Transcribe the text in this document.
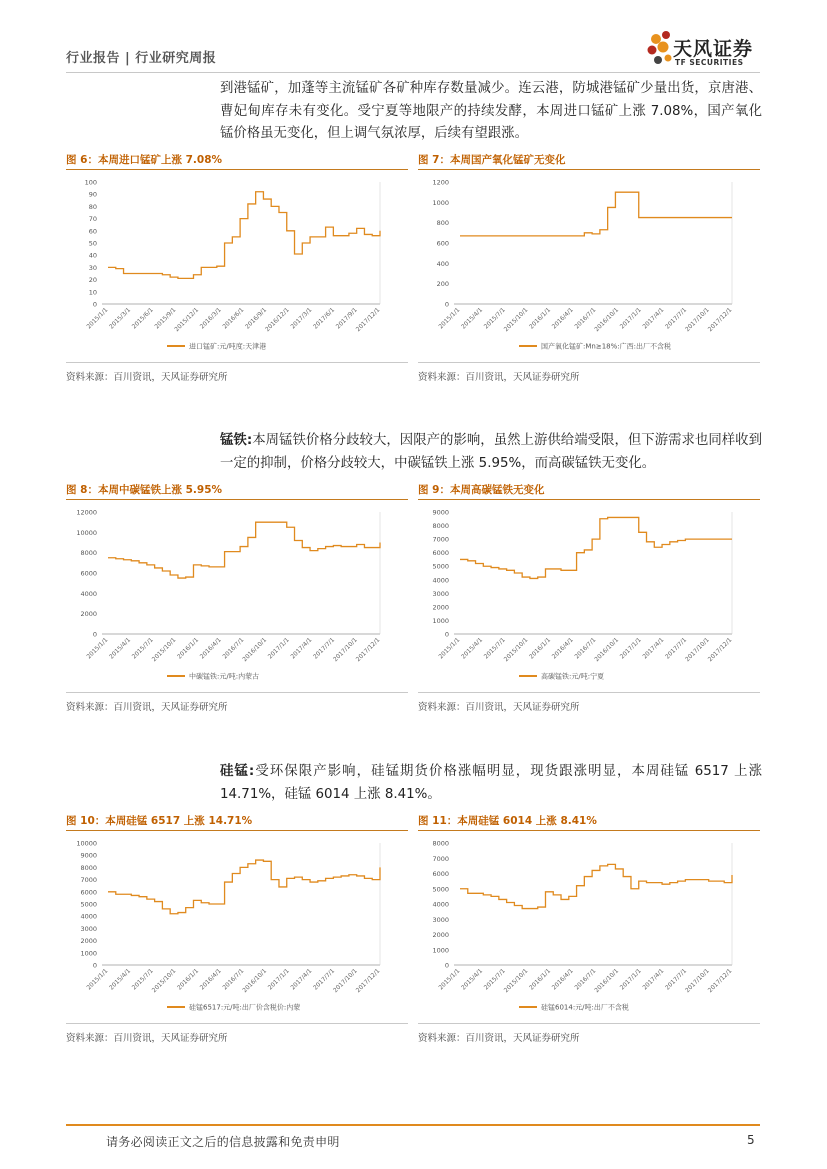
行业报告 | 行业研究周报	天风证券
TF SECURITIES
到港锰矿，加蓬等主流锰矿各矿种库存数量减少。连云港，防城港锰矿少量出货，京唐港、曹妃甸库存未有变化。受宁夏等地限产的持续发酵，本周进口锰矿上涨 7.08%，国产氧化锰价格虽无变化，但上调气氛浓厚，后续有望跟涨。
图 6：本周进口锰矿上涨 7.08%
资料来源：百川资讯，天风证券研究所
100
90
80
70
60
50
40
30
20
10
0
2015/1/1
2015/3/1
2015/6/1
2015/9/1
2015/12/1
2016/3/1
2016/6/1
2016/9/1
2016/12/1
2017/3/1
2017/6/1
2017/9/1
2017/12/1
进口锰矿:元/吨度:天津港
图 7：本周国产氧化锰矿无变化
资料来源：百川资讯，天风证券研究所
1200
1000
800
600
400
200
0
2015/1/1
2015/4/1
2015/7/1
2015/10/1
2016/1/1
2016/4/1
2016/7/1
2016/10/1
2017/1/1
2017/4/1
2017/7/1
2017/10/1
2017/12/1
国产氧化锰矿:Mn≥18%:广西:出厂不含税
图 8：本周中碳锰铁上涨 5.95%
资料来源：百川资讯，天风证券研究所
12000
10000
8000
6000
4000
2000
0
2015/1/1
2015/4/1
2015/7/1
2015/10/1
2016/1/1
2016/4/1
2016/7/1
2016/10/1
2017/1/1
2017/4/1
2017/7/1
2017/10/1
2017/12/1
中碳锰铁:元/吨:内蒙古
图 9：本周高碳锰铁无变化
资料来源：百川资讯，天风证券研究所
9000
8000
7000
6000
5000
4000
3000
2000
1000
0
2015/1/1
2015/4/1
2015/7/1
2015/10/1
2016/1/1
2016/4/1
2016/7/1
2016/10/1
2017/1/1
2017/4/1
2017/7/1
2017/10/1
2017/12/1
高碳锰铁:元/吨:宁夏
图 10：本周硅锰 6517 上涨 14.71%
资料来源：百川资讯，天风证券研究所
10000
9000
8000
7000
6000
5000
4000
3000
2000
1000
0
2015/1/1
2015/4/1
2015/7/1
2015/10/1
2016/1/1
2016/4/1
2016/7/1
2016/10/1
2017/1/1
2017/4/1
2017/7/1
2017/10/1
2017/12/1
硅锰6517:元/吨:出厂价含税价:内蒙
图 11：本周硅锰 6014 上涨 8.41%
资料来源：百川资讯，天风证券研究所
8000
7000
6000
5000
4000
3000
2000
1000
0
2015/1/1
2015/4/1
2015/7/1
2015/10/1
2016/1/1
2016/4/1
2016/7/1
2016/10/1
2017/1/1
2017/4/1
2017/7/1
2017/10/1
2017/12/1
硅锰6014:元/吨:出厂不含税
锰铁:本周锰铁价格分歧较大，因限产的影响，虽然上游供给端受限，但下游需求也同样收到一定的抑制，价格分歧较大，中碳锰铁上涨 5.95%，而高碳锰铁无变化。
硅锰:受环保限产影响，硅锰期货价格涨幅明显，现货跟涨明显，本周硅锰 6517 上涨 14.71%，硅锰 6014 上涨 8.41%。
请务必阅读正文之后的信息披露和免责申明	5
